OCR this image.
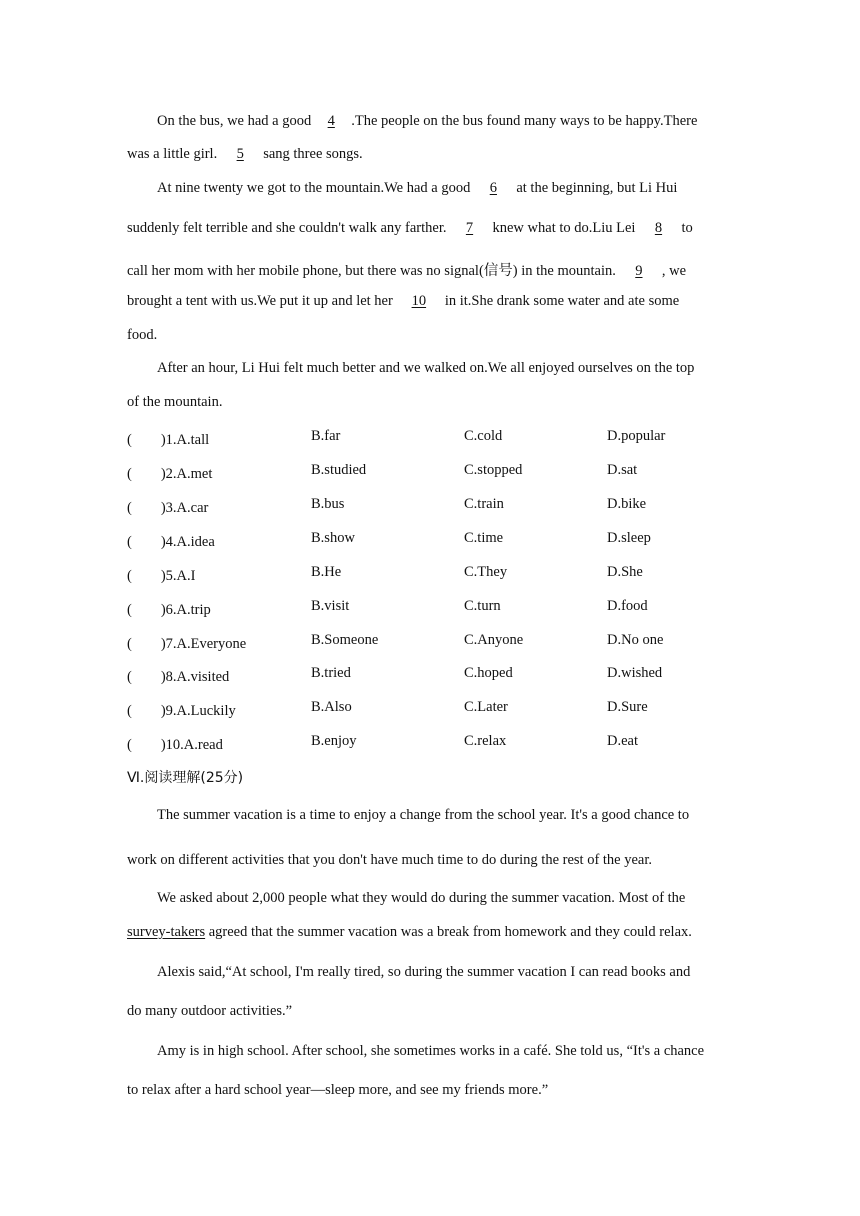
On the bus, we had a good 4 .The people on the bus found many ways to be happy.There
was a little girl. 5 sang three songs.
At nine twenty we got to the mountain.We had a good 6 at the beginning, but Li Hui
suddenly felt terrible and she couldn't walk any farther. 7 knew what to do.Liu Lei 8 to
call her mom with her mobile phone, but there was no signal(信号) in the mountain. 9 , we
brought a tent with us.We put it up and let her 10 in it.She drank some water and ate some
food.
After an hour, Li Hui felt much better and we walked on.We all enjoyed ourselves on the top
of the mountain.
(　　)1.A.tall	B.far	C.cold	D.popular
(　　)2.A.met	B.studied	C.stopped	D.sat
(　　)3.A.car	B.bus	C.train	D.bike
(　　)4.A.idea	B.show	C.time	D.sleep
(　　)5.A.I	B.He	C.They	D.She
(　　)6.A.trip	B.visit	C.turn	D.food
(　　)7.A.Everyone	B.Someone	C.Anyone	D.No one
(　　)8.A.visited	B.tried	C.hoped	D.wished
(　　)9.A.Luckily	B.Also	C.Later	D.Sure
(　　)10.A.read	B.enjoy	C.relax	D.eat
Ⅵ.阅读理解(25分)
The summer vacation is a time to enjoy a change from the school year. It's a good chance to
work on different activities that you don't have much time to do during the rest of the year.
We asked about 2,000 people what they would do during the summer vacation. Most of the
survey-takers agreed that the summer vacation was a break from homework and they could relax.
Alexis said,“At school, I'm really tired, so during the summer vacation I can read books and
do many outdoor activities.”
Amy is in high school. After school, she sometimes works in a café. She told us, “It's a chance
to relax after a hard school year—sleep more, and see my friends more.”
